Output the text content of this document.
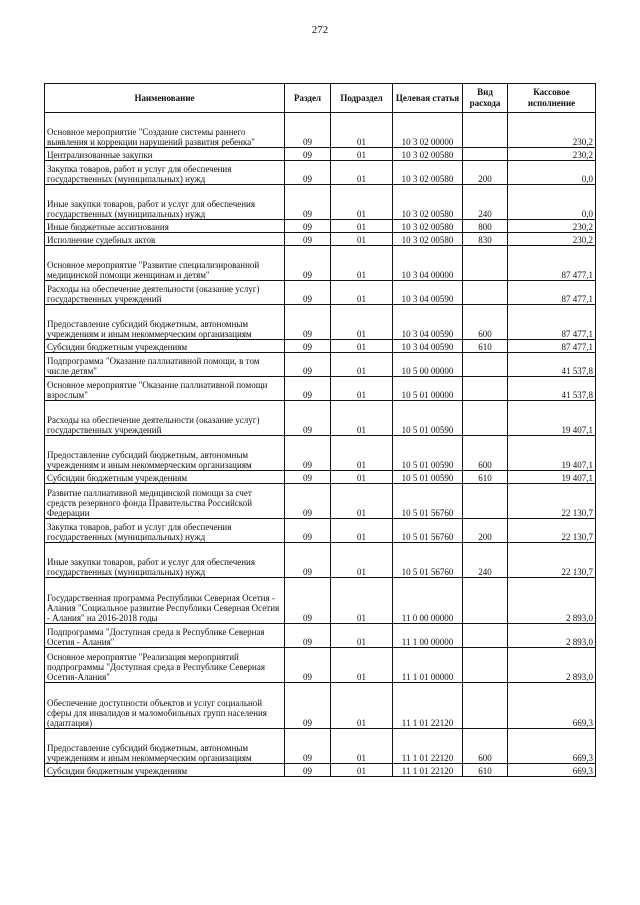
272
Наименование	Раздел	Подраздел	Целевая статья	Вид расхода	Кассовое исполнение
Основное мероприятие "Создание системы раннего выявления и коррекции нарушений развития ребенка"	09	01	10 3 02 00000		230,2
Централизованные закупки	09	01	10 3 02 00580		230,2
Закупка товаров, работ и услуг для обеспечения государственных (муниципальных) нужд	09	01	10 3 02 00580	200	0,0
Иные закупки товаров, работ и услуг для обеспечения государственных (муниципальных) нужд	09	01	10 3 02 00580	240	0,0
Иные бюджетные ассигнования	09	01	10 3 02 00580	800	230,2
Исполнение судебных актов	09	01	10 3 02 00580	830	230,2
Основное мероприятие "Развитие специализированной медицинской помощи женщинам и детям"	09	01	10 3 04 00000		87 477,1
Расходы на обеспечение деятельности (оказание услуг) государственных учреждений	09	01	10 3 04 00590		87 477,1
Предоставление субсидий бюджетным, автономным учреждениям и иным некоммерческим организациям	09	01	10 3 04 00590	600	87 477,1
Субсидии бюджетным учреждениям	09	01	10 3 04 00590	610	87 477,1
Подпрограмма "Оказание паллиативной помощи, в том числе детям"	09	01	10 5 00 00000		41 537,8
Основное мероприятие "Оказание паллиативной помощи взрослым"	09	01	10 5 01 00000		41 537,8
Расходы на обеспечение деятельности (оказание услуг) государственных учреждений	09	01	10 5 01 00590		19 407,1
Предоставление субсидий бюджетным, автономным учреждениям и иным некоммерческим организациям	09	01	10 5 01 00590	600	19 407,1
Субсидии бюджетным учреждениям	09	01	10 5 01 00590	610	19 407,1
Развитие паллиативной медицинской помощи за счет средств резервного фонда Правительства Российской Федерации	09	01	10 5 01 56760		22 130,7
Закупка товаров, работ и услуг для обеспечения государственных (муниципальных) нужд	09	01	10 5 01 56760	200	22 130,7
Иные закупки товаров, работ и услуг для обеспечения государственных (муниципальных) нужд	09	01	10 5 01 56760	240	22 130,7
Государственная программа Республики Северная Осетия - Алания "Социальное развитие Республики Северная Осетия - Алания" на 2016-2018 годы	09	01	11 0 00 00000		2 893,0
Подпрограмма "Доступная среда в Республике Северная Осетия - Алания"	09	01	11 1 00 00000		2 893,0
Основное мероприятие "Реализация мероприятий подпрограммы "Доступная среда в Республике Северная Осетия-Алания"	09	01	11 1 01 00000		2 893,0
Обеспечение доступности объектов и услуг социальной сферы для инвалидов и маломобильных групп населения (адаптация)	09	01	11 1 01 22120		669,3
Предоставление субсидий бюджетным, автономным учреждениям и иным некоммерческим организациям	09	01	11 1 01 22120	600	669,3
Субсидии бюджетным учреждениям	09	01	11 1 01 22120	610	669,3
